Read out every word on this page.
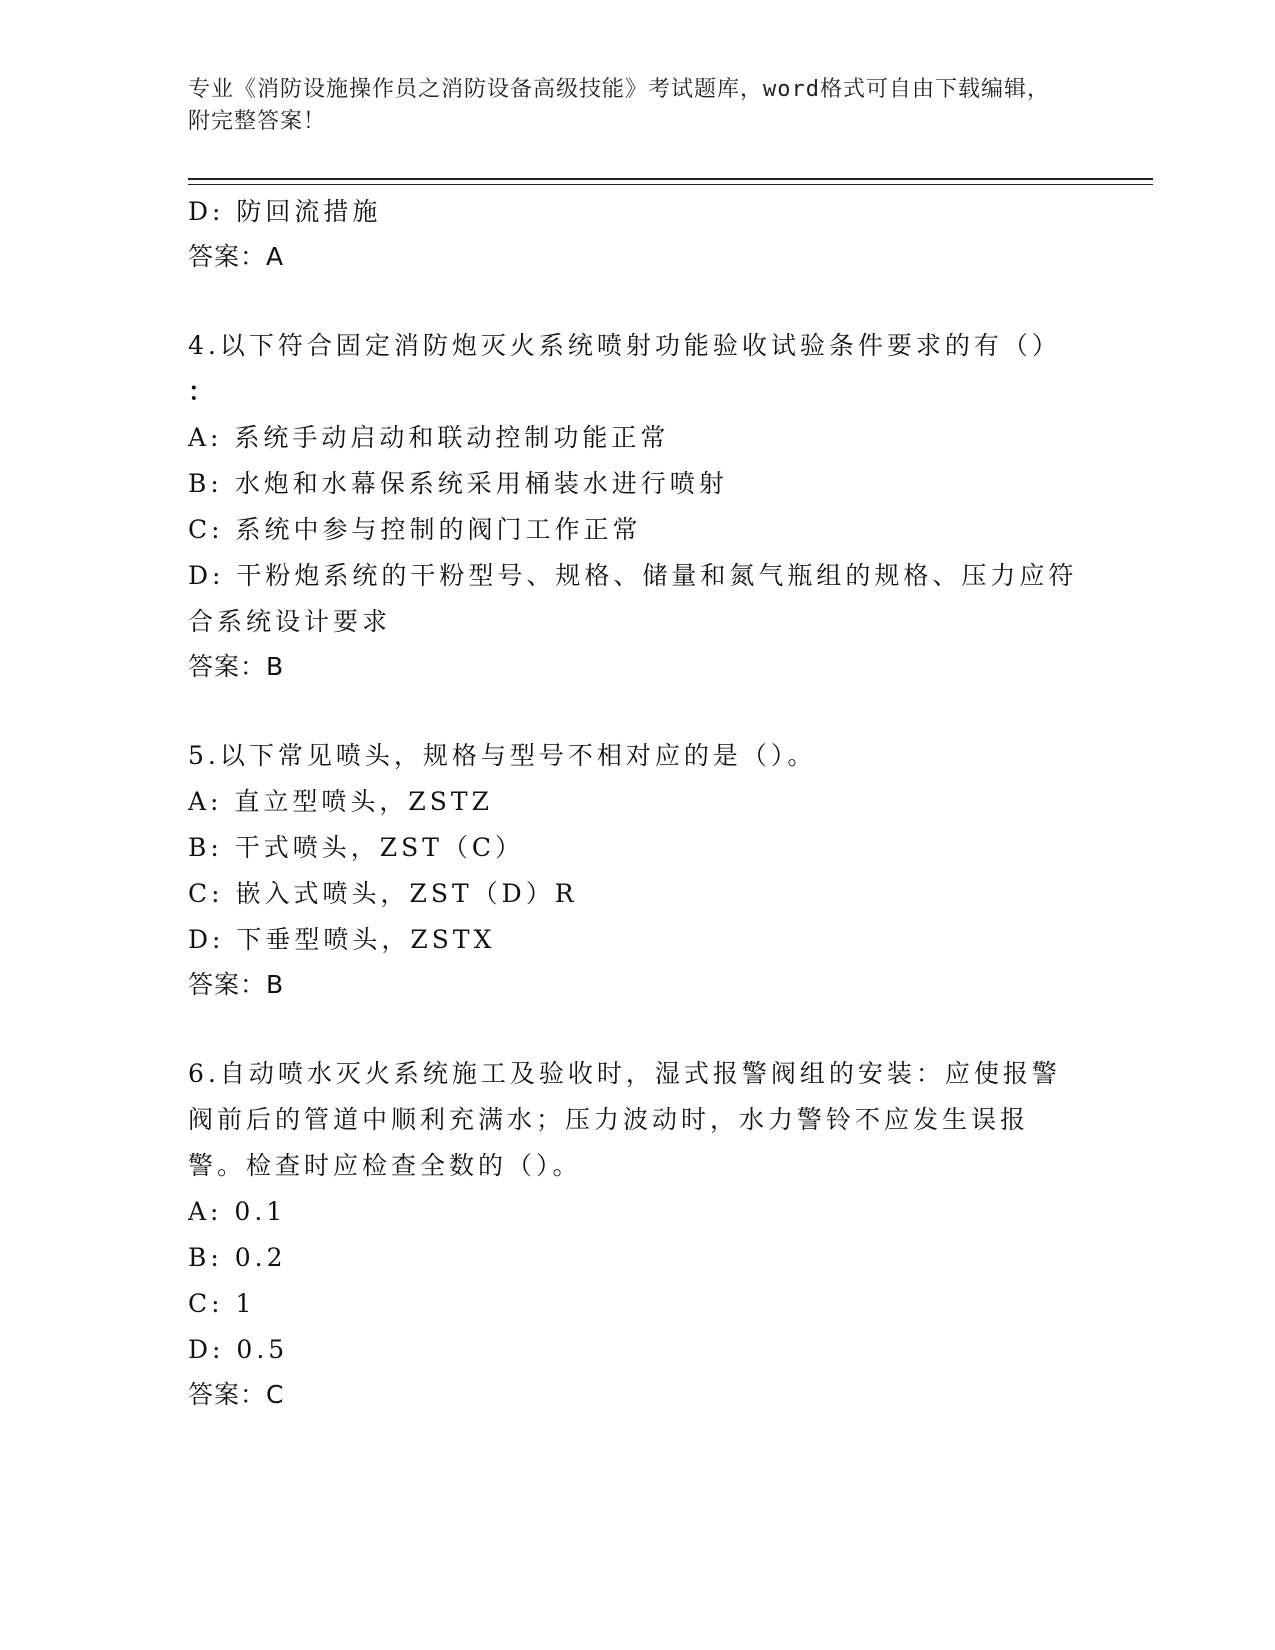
专业《消防设施操作员之消防设备高级技能》考试题库，word格式可自由下载编辑，附完整答案！
D: 防回流措施
答案：A
4.以下符合固定消防炮灭火系统喷射功能验收试验条件要求的有（）
：
A: 系统手动启动和联动控制功能正常
B: 水炮和水幕保系统采用桶装水进行喷射
C: 系统中参与控制的阀门工作正常
D: 干粉炮系统的干粉型号、规格、储量和氮气瓶组的规格、压力应符合系统设计要求
答案：B
5.以下常见喷头，规格与型号不相对应的是（）。
A: 直立型喷头，ZSTZ
B: 干式喷头，ZST（C）
C: 嵌入式喷头，ZST（D）R
D: 下垂型喷头，ZSTX
答案：B
6.自动喷水灭火系统施工及验收时，湿式报警阀组的安装：应使报警阀前后的管道中顺利充满水；压力波动时，水力警铃不应发生误报警。检查时应检查全数的（）。
A: 0.1
B: 0.2
C: 1
D: 0.5
答案：C
